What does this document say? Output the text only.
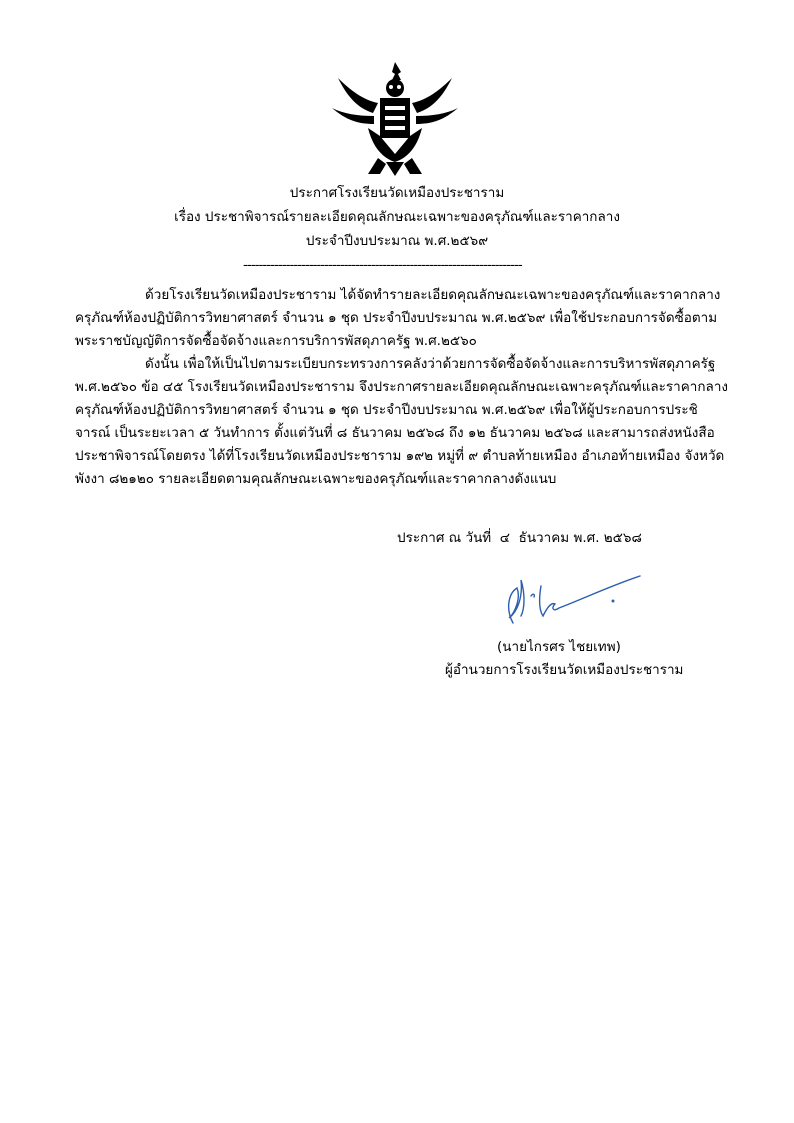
ประกาศโรงเรียนวัดเหมืองประชาราม
เรื่อง ประชาพิจารณ์รายละเอียดคุณลักษณะเฉพาะของครุภัณฑ์และราคากลาง
ประจำปีงบประมาณ พ.ศ.๒๕๖๙
------------------------------------------------------------------------
ด้วยโรงเรียนวัดเหมืองประชาราม ได้จัดทำรายละเอียดคุณลักษณะเฉพาะของครุภัณฑ์และราคากลาง
ครุภัณฑ์ห้องปฏิบัติการวิทยาศาสตร์ จำนวน ๑ ชุด ประจำปีงบประมาณ พ.ศ.๒๕๖๙ เพื่อใช้ประกอบการจัดซื้อตาม
พระราชบัญญัติการจัดซื้อจัดจ้างและการบริการพัสดุภาครัฐ พ.ศ.๒๕๖๐
ดังนั้น เพื่อให้เป็นไปตามระเบียบกระทรวงการคลังว่าด้วยการจัดซื้อจัดจ้างและการบริหารพัสดุภาครัฐ
พ.ศ.๒๕๖๐ ข้อ ๔๕ โรงเรียนวัดเหมืองประชาราม จึงประกาศรายละเอียดคุณลักษณะเฉพาะครุภัณฑ์และราคากลาง
ครุภัณฑ์ห้องปฏิบัติการวิทยาศาสตร์ จำนวน ๑ ชุด ประจำปีงบประมาณ พ.ศ.๒๕๖๙ เพื่อให้ผู้ประกอบการประชิ
จารณ์ เป็นระยะเวลา ๕ วันทำการ ตั้งแต่วันที่ ๘ ธันวาคม ๒๕๖๘ ถึง ๑๒ ธันวาคม ๒๕๖๘ และสามารถส่งหนังสือ
ประชาพิจารณ์โดยตรง ได้ที่โรงเรียนวัดเหมืองประชาราม ๑๙๒ หมู่ที่ ๙ ตำบลท้ายเหมือง อำเภอท้ายเหมือง จังหวัด
พังงา ๘๒๑๒๐ รายละเอียดตามคุณลักษณะเฉพาะของครุภัณฑ์และราคากลางดังแนบ
ประกาศ ณ วันที่  ๔  ธันวาคม พ.ศ. ๒๕๖๘
(นายไกรศร ไชยเทพ)
ผู้อำนวยการโรงเรียนวัดเหมืองประชาราม
